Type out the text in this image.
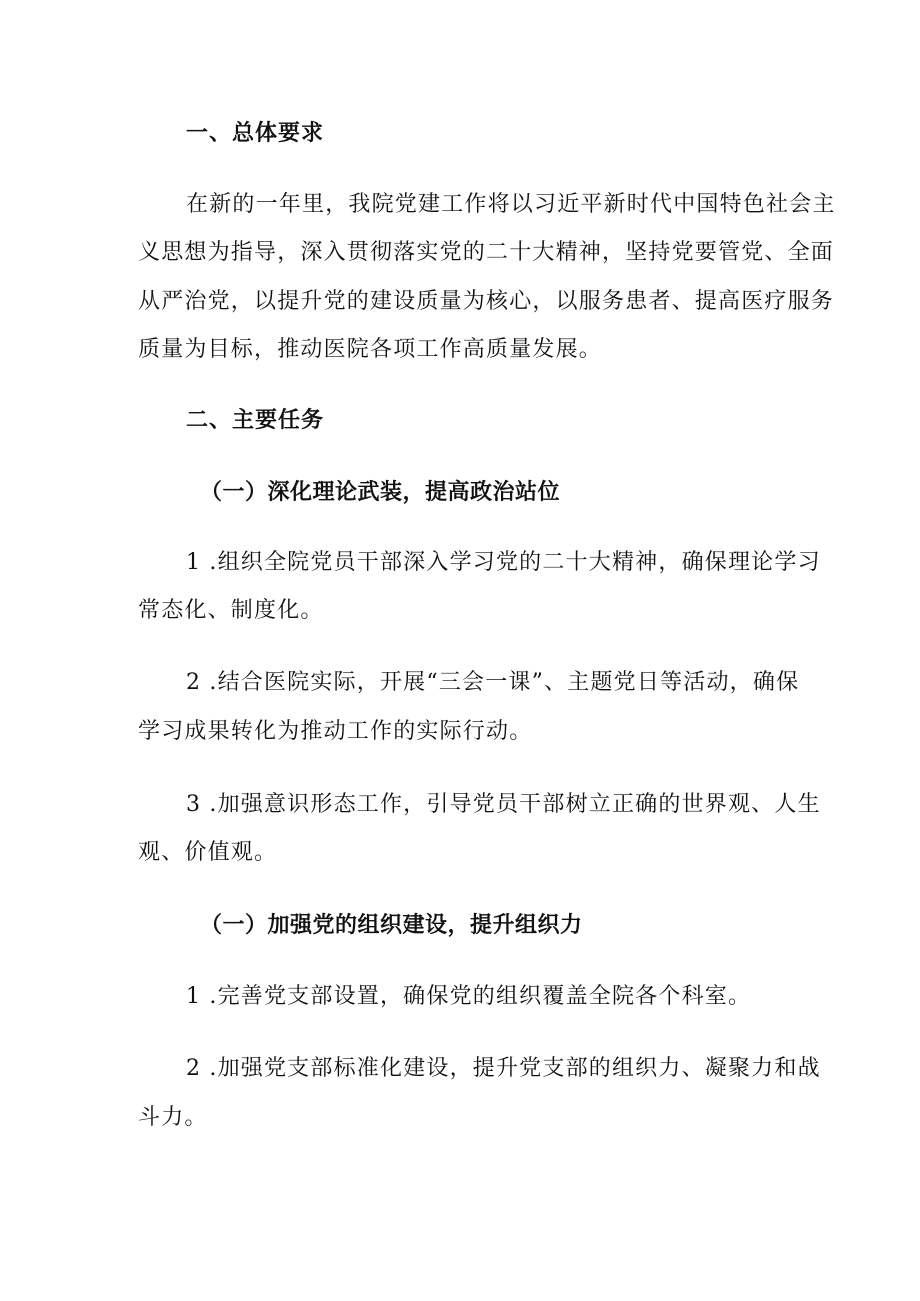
一、总体要求
在新的一年里，我院党建工作将以习近平新时代中国特色社会主
义思想为指导，深入贯彻落实党的二十大精神，坚持党要管党、全面
从严治党，以提升党的建设质量为核心，以服务患者、提高医疗服务
质量为目标，推动医院各项工作高质量发展。
二、主要任务
（一）深化理论武装，提高政治站位
1 .组织全院党员干部深入学习党的二十大精神，确保理论学习
常态化、制度化。
2 .结合医院实际，开展“三会一课”、主题党日等活动，确保
学习成果转化为推动工作的实际行动。
3 .加强意识形态工作，引导党员干部树立正确的世界观、人生
观、价值观。
（一）加强党的组织建设，提升组织力
1 .完善党支部设置，确保党的组织覆盖全院各个科室。
2 .加强党支部标准化建设，提升党支部的组织力、凝聚力和战
斗力。
